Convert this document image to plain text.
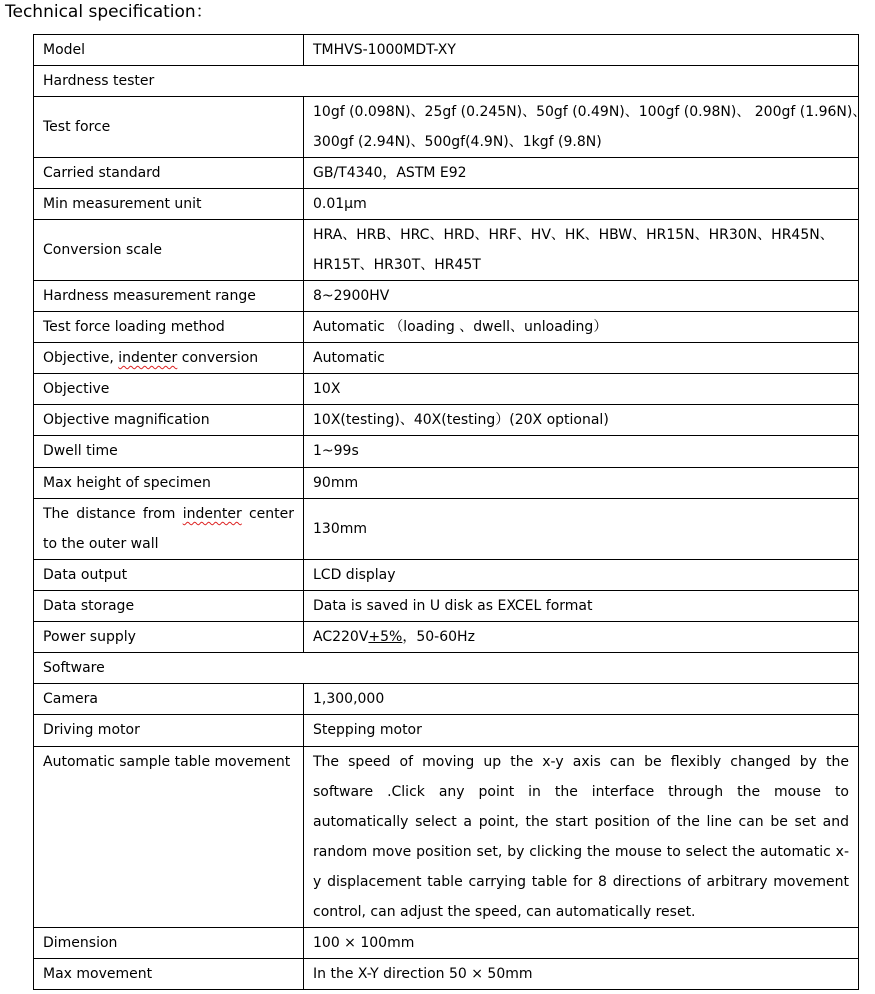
Technical specification：
Model	TMHVS-1000MDT-XY
Hardness tester	
Test force	10gf (0.098N)、25gf (0.245N)、50gf (0.49N)、100gf (0.98N)、 200gf (1.96N)、
300gf (2.94N)、500gf(4.9N)、1kgf (9.8N)

Carried standard	GB/T4340，ASTM E92
Min measurement unit	0.01μm
Conversion scale	HRA、HRB、HRC、HRD、HRF、HV、HK、HBW、HR15N、HR30N、HR45N、
HR15T、HR30T、HR45T

Hardness measurement range	8~2900HV
Test force loading method	Automatic （loading 、dwell、unloading）
Objective, indenter conversion	Automatic
Objective	10X
Objective magnification	10X(testing)、40X(testing）(20X optional)
Dwell time	1~99s
Max height of specimen	90mm

The distance from indenter center
to the outer wall	130mm
Data output	LCD display
Data storage	Data is saved in U disk as EXCEL format
Power supply	AC220V+5%，50-60Hz
Software	
Camera	1,300,000
Driving motor	Stepping motor
Automatic sample table movement	The speed of moving up the x-y axis can be flexibly changed by the software .Click any point in the interface through the mouse to automatically select a point, the start position of the line can be set and random move position set, by clicking the mouse to select the automatic x-y displacement table carrying table for 8 directions of arbitrary movement control, can adjust the speed, can automatically reset.
Dimension	100 × 100mm
Max movement	In the X-Y direction 50 × 50mm
